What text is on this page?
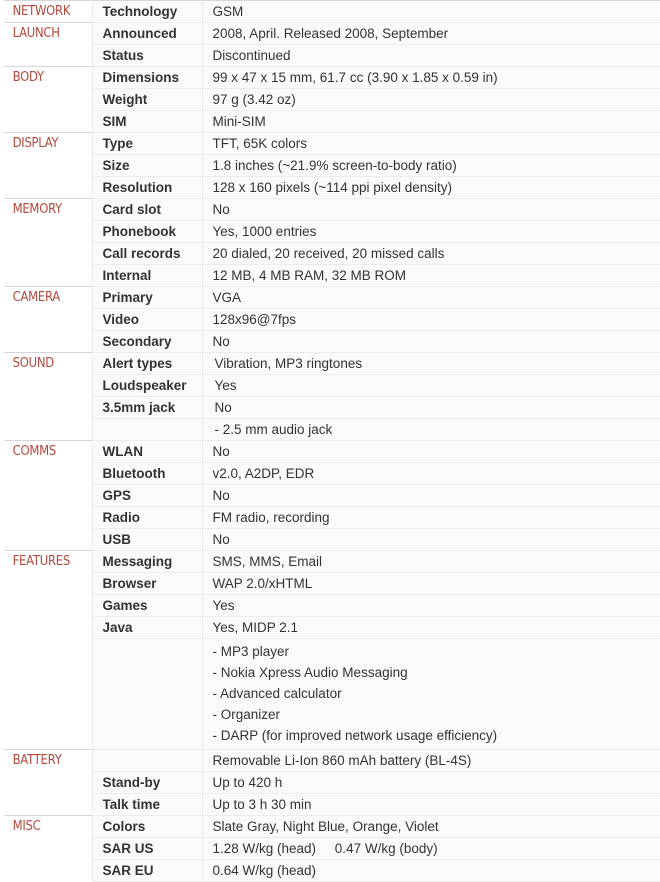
NETWORK	Technology	GSM
LAUNCH	Announced	2008, April. Released 2008, September
	Status	Discontinued
BODY	Dimensions	99 x 47 x 15 mm, 61.7 cc (3.90 x 1.85 x 0.59 in)
	Weight	97 g (3.42 oz)
	SIM	Mini-SIM
DISPLAY	Type	TFT, 65K colors
	Size	1.8 inches (~21.9% screen-to-body ratio)
	Resolution	128 x 160 pixels (~114 ppi pixel density)
MEMORY	Card slot	No
	Phonebook	Yes, 1000 entries
	Call records	20 dialed, 20 received, 20 missed calls
	Internal	12 MB, 4 MB RAM, 32 MB ROM
CAMERA	Primary	VGA
	Video	128x96@7fps
	Secondary	No
SOUND	Alert types	Vibration, MP3 ringtones
	Loudspeaker	Yes
	3.5mm jack	No
		- 2.5 mm audio jack
COMMS	WLAN	No
	Bluetooth	v2.0, A2DP, EDR
	GPS	No
	Radio	FM radio, recording
	USB	No
FEATURES	Messaging	SMS, MMS, Email
	Browser	WAP 2.0/xHTML
	Games	Yes
	Java	Yes, MIDP 2.1

		- MP3 player
- Nokia Xpress Audio Messaging
- Advanced calculator
- Organizer
- DARP (for improved network usage efficiency)

BATTERY		Removable Li-Ion 860 mAh battery (BL-4S)
	Stand-by	Up to 420 h
	Talk time	Up to 3 h 30 min
MISC	Colors	Slate Gray, Night Blue, Orange, Violet
	SAR US	1.28 W/kg (head)     0.47 W/kg (body)
	SAR EU	0.64 W/kg (head)
